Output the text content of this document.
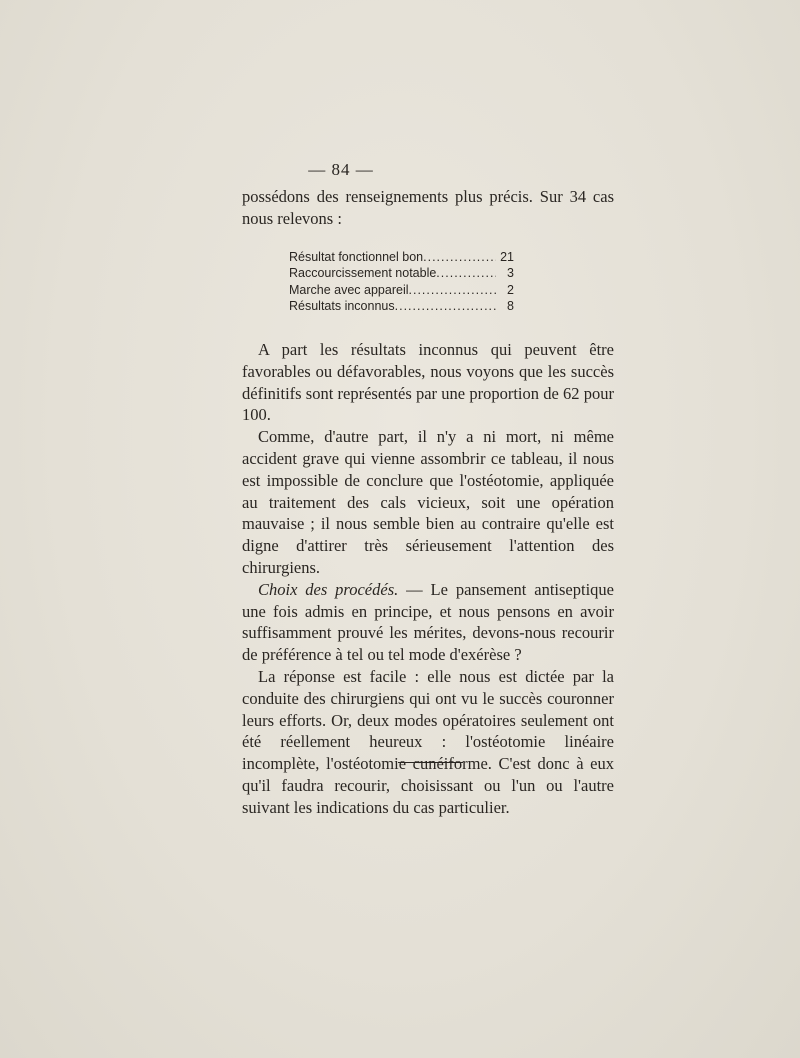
— 84 —

possédons des renseignements plus précis. Sur 34 cas nous relevons :

Résultat fonctionnel bon .....	21
Raccourcissement notable .....	3
Marche avec appareil .....	2
Résultats inconnus .....	8

A part les résultats inconnus qui peuvent être favorables ou défavorables, nous voyons que les succès définitifs sont représentés par une proportion de 62 pour 100.

Comme, d'autre part, il n'y a ni mort, ni même accident grave qui vienne assombrir ce tableau, il nous est impossible de conclure que l'ostéotomie, appliquée au traitement des cals vicieux, soit une opération mauvaise ; il nous semble bien au contraire qu'elle est digne d'attirer très sérieusement l'attention des chirurgiens.

Choix des procédés. — Le pansement antiseptique une fois admis en principe, et nous pensons en avoir suffisamment prouvé les mérites, devons-nous recourir de préférence à tel ou tel mode d'exérèse ?

La réponse est facile : elle nous est dictée par la conduite des chirurgiens qui ont vu le succès couronner leurs efforts. Or, deux modes opératoires seulement ont été réellement heureux : l'ostéotomie linéaire incomplète, l'ostéotomie cunéiforme. C'est donc à eux qu'il faudra recourir, choisissant ou l'un ou l'autre suivant les indications du cas particulier.
